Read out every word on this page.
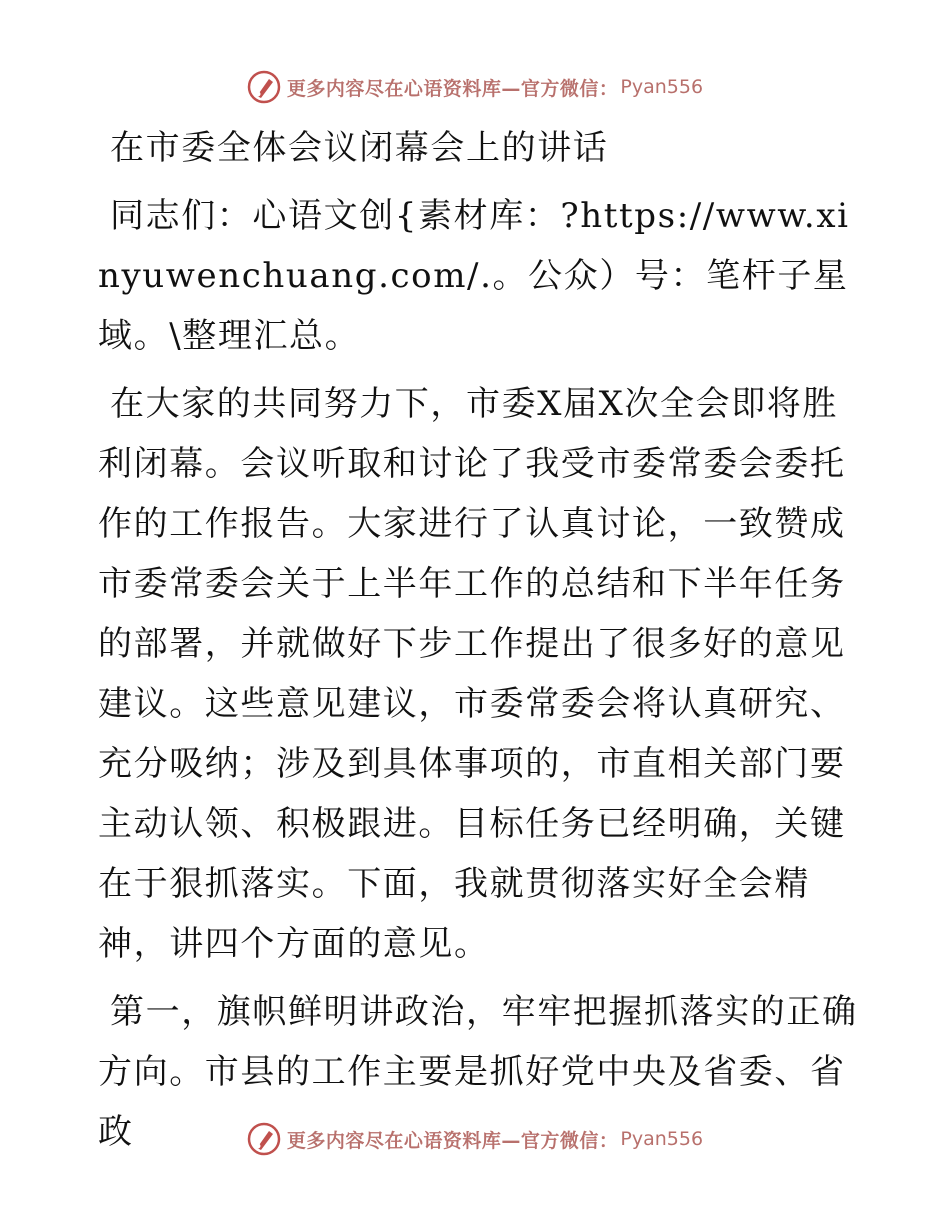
更多内容尽在心语资料库—官方微信： Pyan556

在市委全体会议闭幕会上的讲话

同志们：心语文创{素材库：?https://www.xinyuwenchuang.com/.。公众）号：笔杆子星域。\整理汇总。

在大家的共同努力下，市委X届X次全会即将胜利闭幕。会议听取和讨论了我受市委常委会委托作的工作报告。大家进行了认真讨论，一致赞成市委常委会关于上半年工作的总结和下半年任务的部署，并就做好下步工作提出了很多好的意见建议。这些意见建议，市委常委会将认真研究、充分吸纳；涉及到具体事项的，市直相关部门要主动认领、积极跟进。目标任务已经明确，关键在于狠抓落实。下面，我就贯彻落实好全会精神，讲四个方面的意见。

第一，旗帜鲜明讲政治，牢牢把握抓落实的正确方向。市县的工作主要是抓好党中央及省委、省政	更多内容尽在心语资料库—官方微信： Pyan556
